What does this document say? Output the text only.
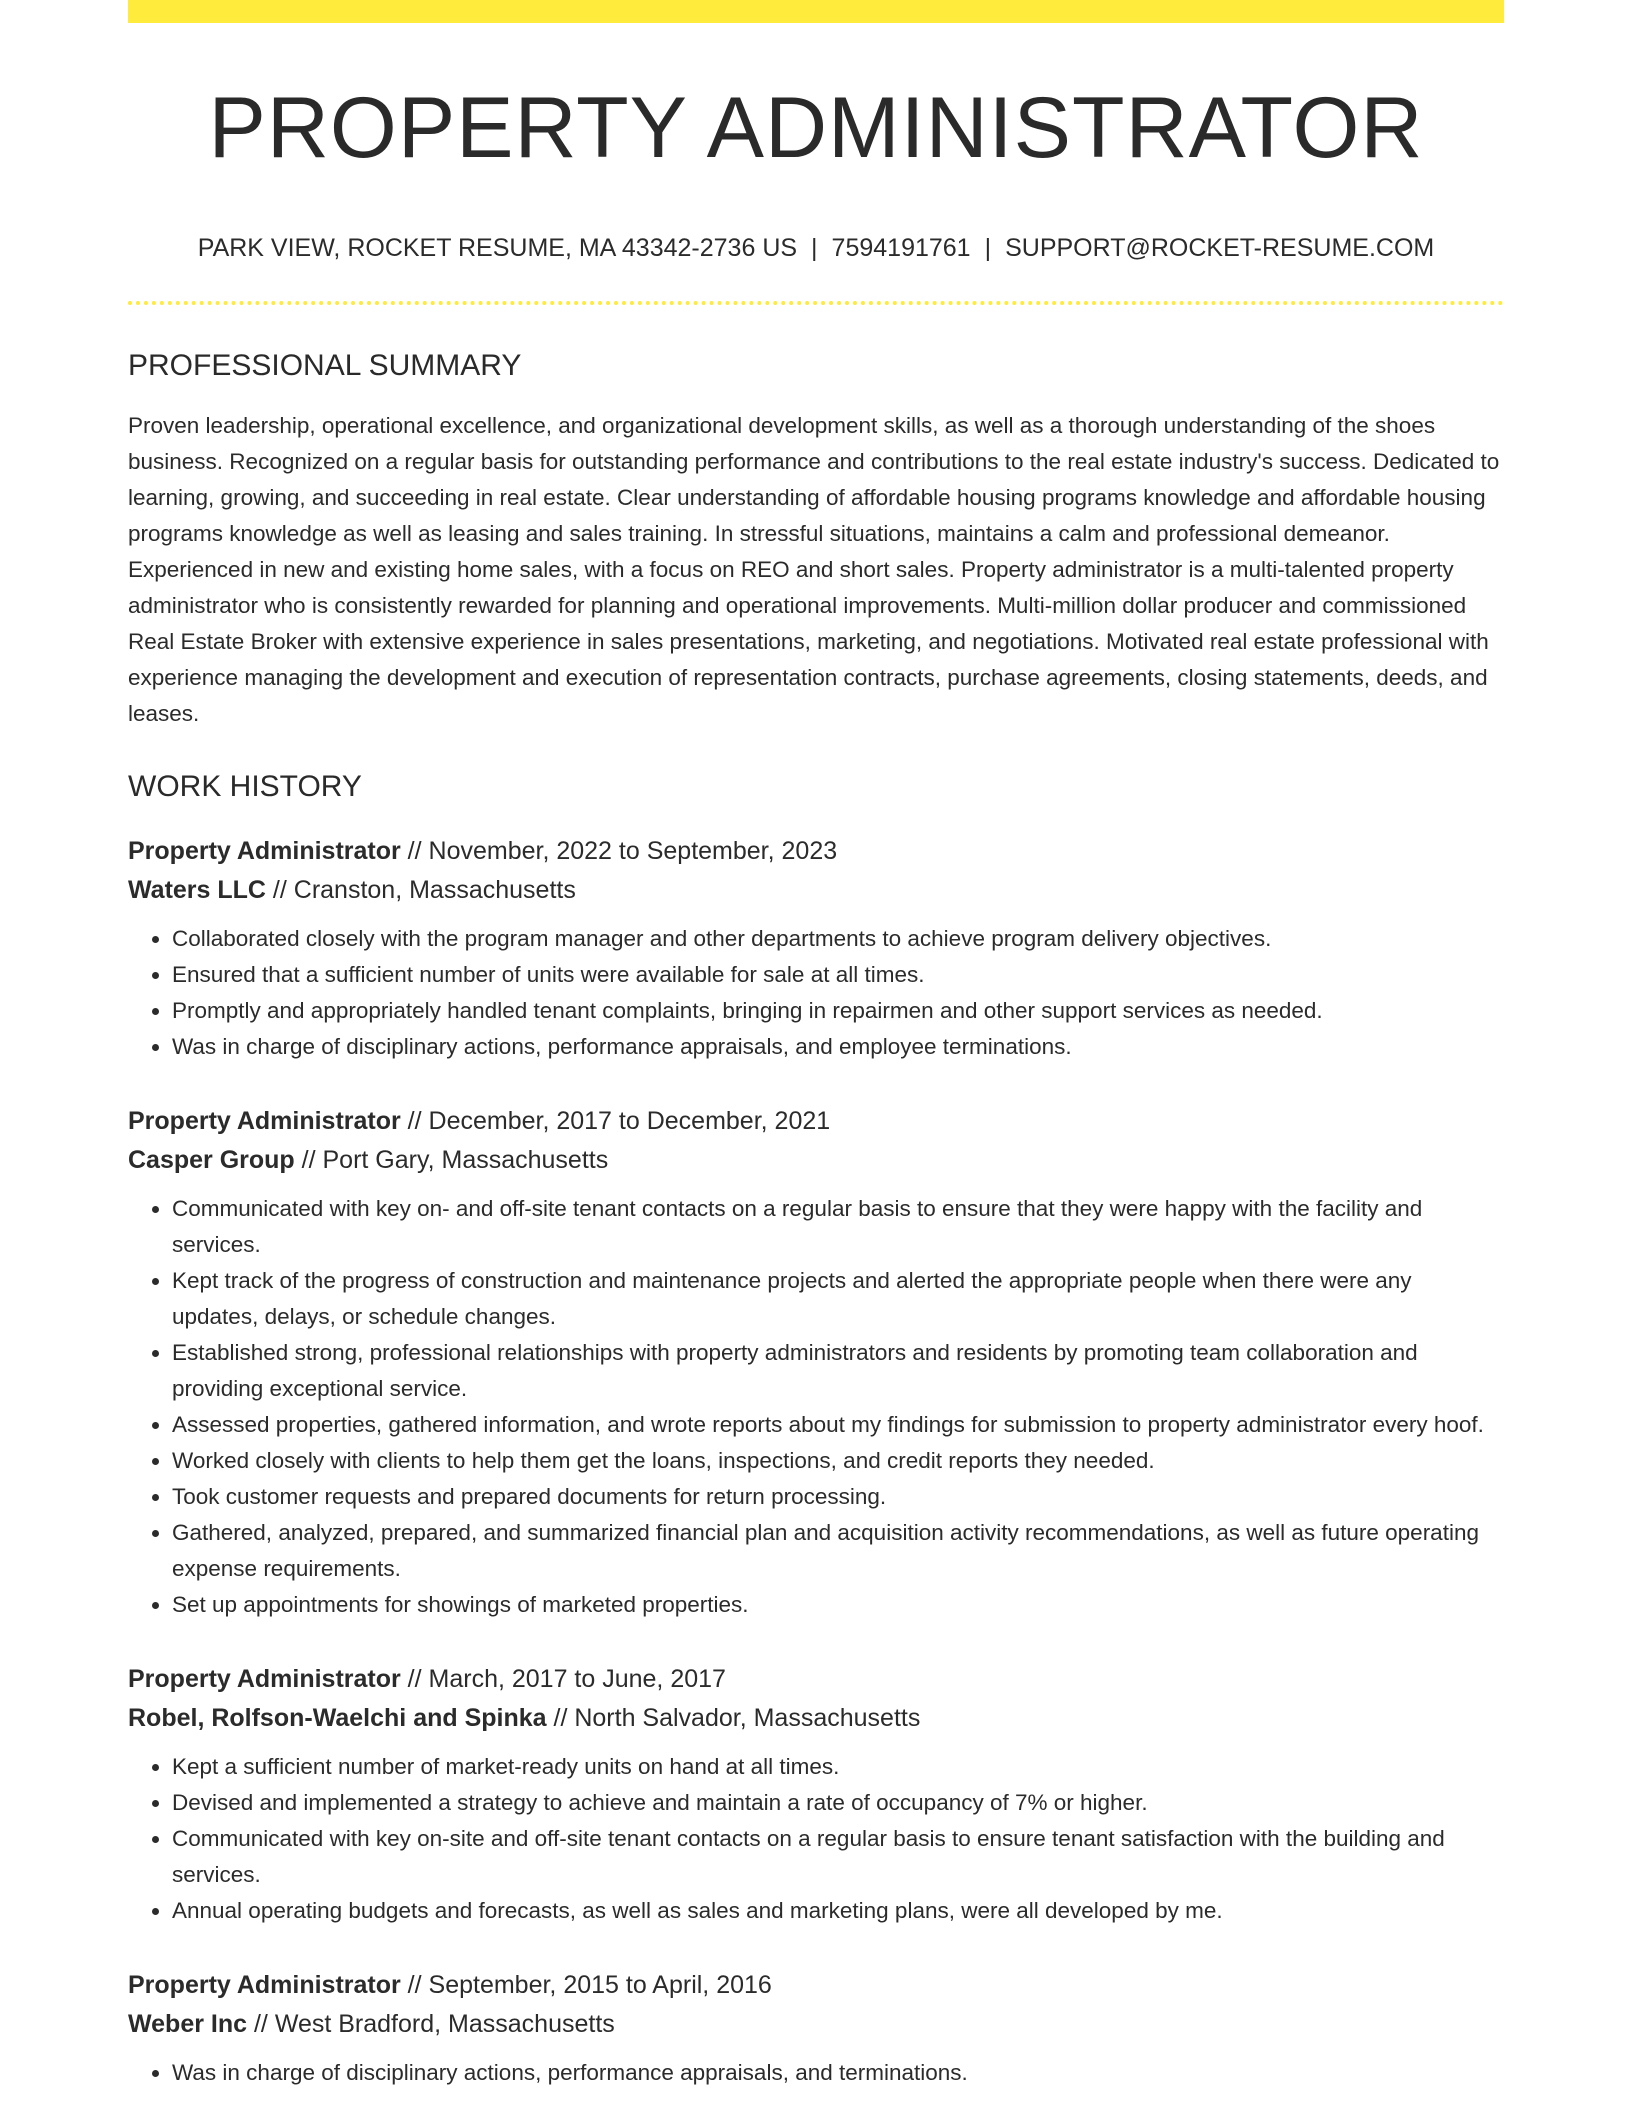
PROPERTY ADMINISTRATOR
PARK VIEW, ROCKET RESUME, MA 43342-2736 US | 7594191761 | SUPPORT@ROCKET-RESUME.COM
PROFESSIONAL SUMMARY

Proven leadership, operational excellence, and organizational development skills, as well as a thorough understanding of the shoes business. Recognized on a regular basis for outstanding performance and contributions to the real estate industry's success. Dedicated to learning, growing, and succeeding in real estate. Clear understanding of affordable housing programs knowledge and affordable housing programs knowledge as well as leasing and sales training. In stressful situations, maintains a calm and professional demeanor. Experienced in new and existing home sales, with a focus on REO and short sales. Property administrator is a multi-talented property administrator who is consistently rewarded for planning and operational improvements. Multi-million dollar producer and commissioned Real Estate Broker with extensive experience in sales presentations, marketing, and negotiations. Motivated real estate professional with experience managing the development and execution of representation contracts, purchase agreements, closing statements, deeds, and leases.

WORK HISTORY
Property Administrator // November, 2022 to September, 2023
Waters LLC // Cranston, Massachusetts
• Collaborated closely with the program manager and other departments to achieve program delivery objectives.
• Ensured that a sufficient number of units were available for sale at all times.
• Promptly and appropriately handled tenant complaints, bringing in repairmen and other support services as needed.
• Was in charge of disciplinary actions, performance appraisals, and employee terminations.
Property Administrator // December, 2017 to December, 2021
Casper Group // Port Gary, Massachusetts
• Communicated with key on- and off-site tenant contacts on a regular basis to ensure that they were happy with the facility and services.
• Kept track of the progress of construction and maintenance projects and alerted the appropriate people when there were any updates, delays, or schedule changes.
• Established strong, professional relationships with property administrators and residents by promoting team collaboration and providing exceptional service.
• Assessed properties, gathered information, and wrote reports about my findings for submission to property administrator every hoof.
• Worked closely with clients to help them get the loans, inspections, and credit reports they needed.
• Took customer requests and prepared documents for return processing.
• Gathered, analyzed, prepared, and summarized financial plan and acquisition activity recommendations, as well as future operating expense requirements.
• Set up appointments for showings of marketed properties.
Property Administrator // March, 2017 to June, 2017
Robel, Rolfson-Waelchi and Spinka // North Salvador, Massachusetts
• Kept a sufficient number of market-ready units on hand at all times.
• Devised and implemented a strategy to achieve and maintain a rate of occupancy of 7% or higher.
• Communicated with key on-site and off-site tenant contacts on a regular basis to ensure tenant satisfaction with the building and services.
• Annual operating budgets and forecasts, as well as sales and marketing plans, were all developed by me.
Property Administrator // September, 2015 to April, 2016
Weber Inc // West Bradford, Massachusetts
• Was in charge of disciplinary actions, performance appraisals, and terminations.
